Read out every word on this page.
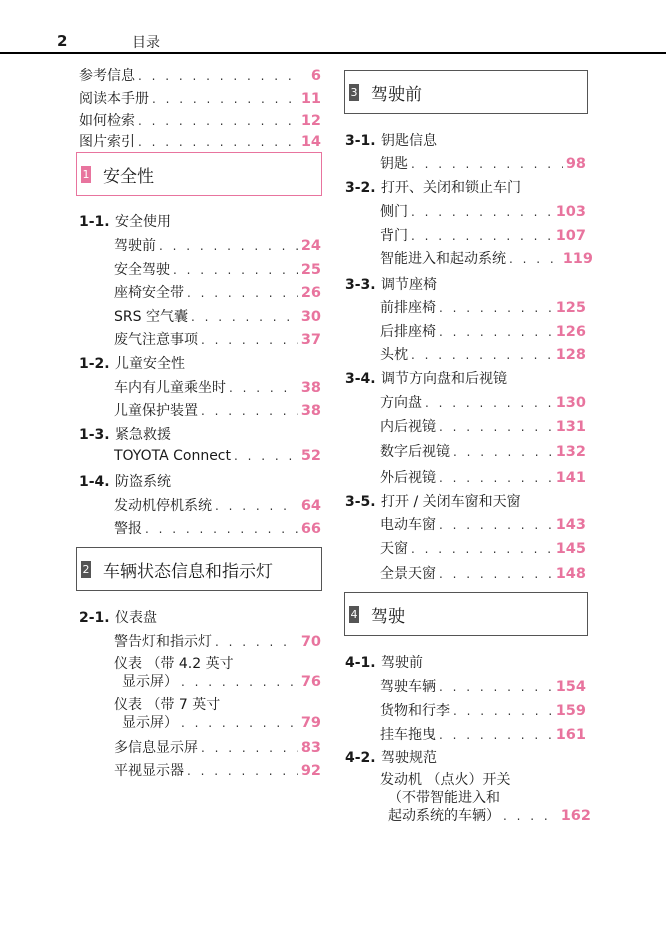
2	目录
参考信息 . . .	6
阅读本手册 . . .	11
如何检索 . . .	12
图片索引 . . .	14
1 安全性
1-1. 安全使用
驾驶前 . . .	24
安全驾驶 . . .	25
座椅安全带 . . .	26
SRS 空气囊 . . .	30
废气注意事项 . . .	37
1-2. 儿童安全性
车内有儿童乘坐时 . . .	38
儿童保护装置 . . .	38
1-3. 紧急救援
TOYOTA Connect . . .	52
1-4. 防盗系统
发动机停机系统 . . .	64
警报 . . .	66
2 车辆状态信息和指示灯
2-1. 仪表盘
警告灯和指示灯 . . .	70
仪表 （带 4.2 英寸
显示屏） . . .	76
仪表 （带 7 英寸
显示屏） . . .	79
多信息显示屏 . . .	83
平视显示器 . . .	92
3 驾驶前
3-1. 钥匙信息
钥匙 . . .	98
3-2. 打开、关闭和锁止车门
侧门 . . .	103
背门 . . .	107
智能进入和起动系统 . . .	119
3-3. 调节座椅
前排座椅 . . .	125
后排座椅 . . .	126
头枕 . . .	128
3-4. 调节方向盘和后视镜
方向盘 . . .	130
内后视镜 . . .	131
数字后视镜 . . .	132
外后视镜 . . .	141
3-5. 打开 / 关闭车窗和天窗
电动车窗 . . .	143
天窗 . . .	145
全景天窗 . . .	148
4 驾驶
4-1. 驾驶前
驾驶车辆 . . .	154
货物和行李 . . .	159
挂车拖曳 . . .	161
4-2. 驾驶规范
发动机 （点火）开关
（不带智能进入和
起动系统的车辆） . . .	162
